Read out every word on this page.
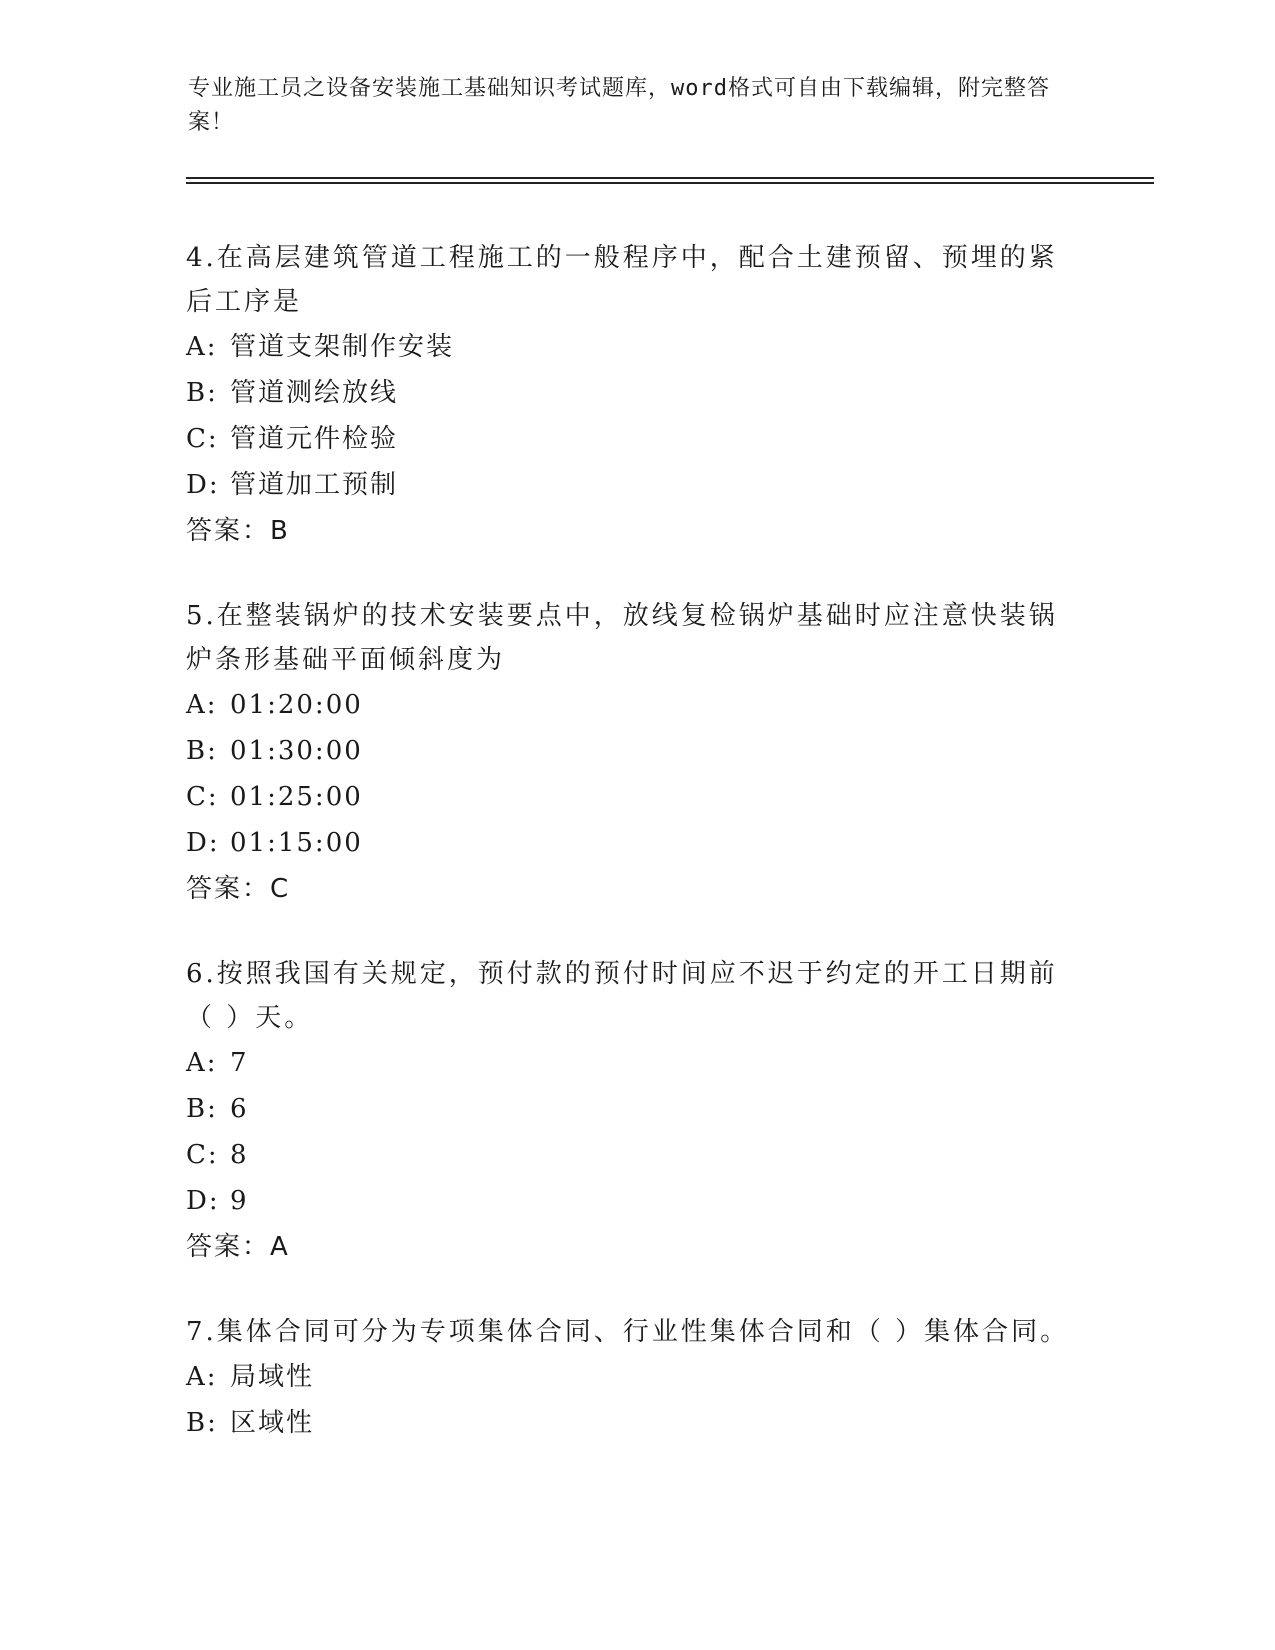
专业施工员之设备安装施工基础知识考试题库，word格式可自由下载编辑，附完整答案！

4.在高层建筑管道工程施工的一般程序中，配合土建预留、预埋的紧后工序是

A: 管道支架制作安装

B: 管道测绘放线

C: 管道元件检验

D: 管道加工预制

答案：B

5.在整装锅炉的技术安装要点中，放线复检锅炉基础时应注意快装锅炉条形基础平面倾斜度为

A: 01:20:00

B: 01:30:00

C: 01:25:00

D: 01:15:00

答案：C

6.按照我国有关规定，预付款的预付时间应不迟于约定的开工日期前（ ）天。

A: 7

B: 6

C: 8

D: 9

答案：A

7.集体合同可分为专项集体合同、行业性集体合同和（ ）集体合同。

A: 局域性

B: 区域性
